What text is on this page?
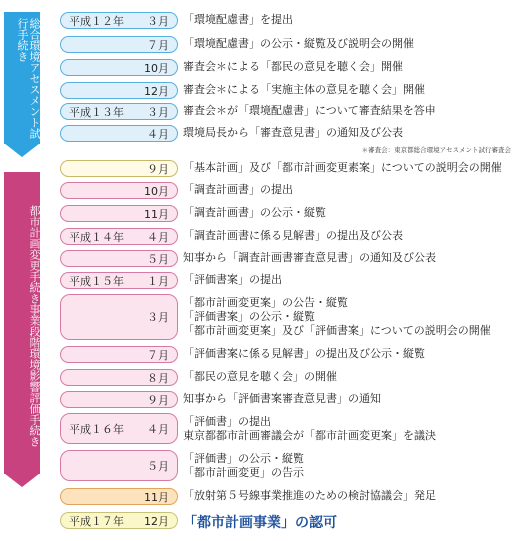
総合環境アセスメント試行手続き
都市計画変更手続き事業段階環境影響評価手続き
平成１２年 ３月 「環境配慮書」を提出
７月 「環境配慮書」の公示・縦覧及び説明会の開催
10月 審査会＊による「都民の意見を聴く会」開催
12月 審査会＊による「実施主体の意見を聴く会」開催
平成１３年 ３月 審査会＊が「環境配慮書」について審査結果を答申
４月 環境局長から「審査意見書」の通知及び公表
＊審査会：東京都総合環境アセスメント試行審査会
９月 「基本計画」及び「都市計画変更素案」についての説明会の開催
10月 「調査計画書」の提出
11月 「調査計画書」の公示・縦覧
平成１４年 ４月 「調査計画書に係る見解書」の提出及び公表
５月 知事から「調査計画書審査意見書」の通知及び公表
平成１５年 １月 「評価書案」の提出
３月
「都市計画変更案」の公告・縦覧
「評価書案」の公示・縦覧
「都市計画変更案」及び「評価書案」についての説明会の開催
７月 「評価書案に係る見解書」の提出及び公示・縦覧
８月 「都民の意見を聴く会」の開催
９月 知事から「評価書案審査意見書」の通知
平成１６年 ４月
「評価書」の提出
東京都都市計画審議会が「都市計画変更案」を議決
５月
「評価書」の公示・縦覧
「都市計画変更」の告示
11月 「放射第５号線事業推進のための検討協議会」発足
平成１７年 12月 「都市計画事業」の認可
